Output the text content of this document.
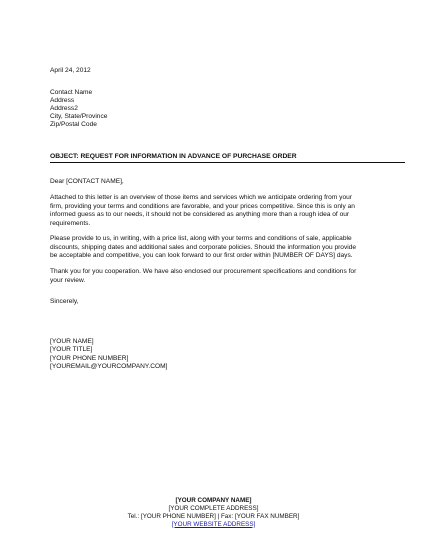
April 24, 2012
Contact Name
Address
Address2
City, State/Province
Zip/Postal Code
OBJECT: REQUEST FOR INFORMATION IN ADVANCE OF PURCHASE ORDER
Dear [CONTACT NAME],
Attached to this letter is an overview of those items and services which we anticipate ordering from your
firm, providing your terms and conditions are favorable, and your prices competitive. Since this is only an
informed guess as to our needs, it should not be considered as anything more than a rough idea of our
requirements.
Please provide to us, in writing, with a price list, along with your terms and conditions of sale, applicable
discounts, shipping dates and additional sales and corporate policies. Should the information you provide
be acceptable and competitive, you can look forward to our first order within [NUMBER OF DAYS] days.
Thank you for you cooperation. We have also enclosed our procurement specifications and conditions for
your review.
Sincerely,
[YOUR NAME]
[YOUR TITLE]
[YOUR PHONE NUMBER]
[YOUREMAIL@YOURCOMPANY.COM]
[YOUR COMPANY NAME]
[YOUR COMPLETE ADDRESS]
Tel.: [YOUR PHONE NUMBER] | Fax: [YOUR FAX NUMBER]
[YOUR WEBSITE ADDRESS]
